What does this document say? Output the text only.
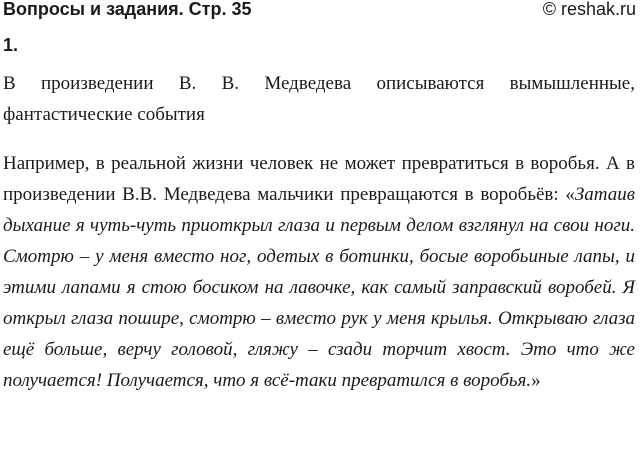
Вопросы и задания. Стр. 35	© reshak.ru
1.

В произведении В. В. Медведева описываются вымышленные, фантастические события

Например, в реальной жизни человек не может превратиться в воробья. А в произведении В.В. Медведева мальчики превращаются в воробьёв: «Затаив дыхание я чуть-чуть приоткрыл глаза и первым делом взглянул на свои ноги. Смотрю – у меня вместо ног, одетых в ботинки, босые воробьиные лапы, и этими лапами я стою босиком на лавочке, как самый заправский воробей. Я открыл глаза пошире, смотрю – вместо рук у меня крылья. Открываю глаза ещё больше, верчу головой, гляжу – сзади торчит хвост. Это что же получается! Получается, что я всё-таки превратился в воробья.»
